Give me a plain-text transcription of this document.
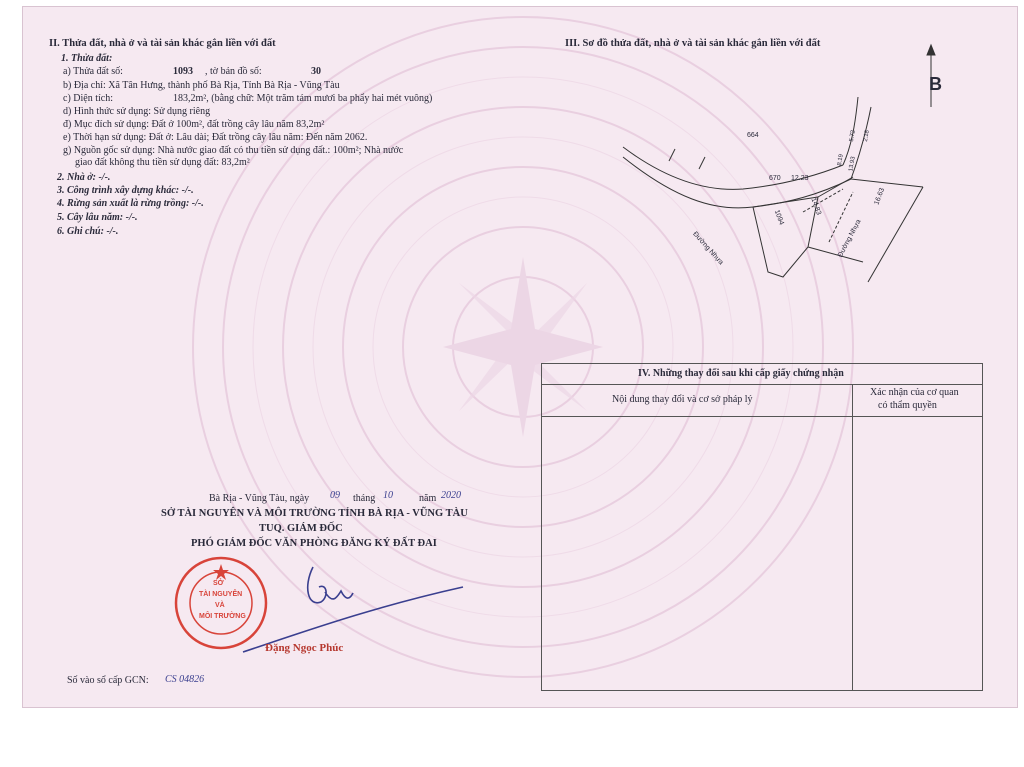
II. Thửa đất, nhà ở và tài sản khác gắn liền với đất
1. Thửa đất:
a) Thửa đất số:	1093 , tờ bản đồ số:	30
b) Địa chỉ: Xã Tân Hưng, thành phố Bà Rịa, Tỉnh Bà Rịa - Vũng Tàu
c) Diện tích:	183,2m², (bằng chữ: Một trăm tám mươi ba phẩy hai mét vuông)
d) Hình thức sử dụng: Sử dụng riêng
đ) Mục đích sử dụng: Đất ở 100m², đất trồng cây lâu năm 83,2m²
e) Thời hạn sử dụng: Đất ở: Lâu dài; Đất trồng cây lâu năm: Đến năm 2062.
g) Nguồn gốc sử dụng: Nhà nước giao đất có thu tiền sử dụng đất.: 100m²; Nhà nước
giao đất không thu tiền sử dụng đất: 83,2m²
2. Nhà ở: -/-.
3. Công trình xây dựng khác: -/-.
4. Rừng sản xuất là rừng trồng: -/-.
5. Cây lâu năm: -/-.
6. Ghi chú: -/-.
III. Sơ đồ thửa đất, nhà ở và tài sản khác gắn liền với đất
B
664
670 12.23
1094
14.83
16.63
Đường Nhựa	Đường Nhựa
5.72
8.19
2.18
13.93
IV. Những thay đổi sau khi cấp giấy chứng nhận
Nội dung thay đổi và cơ sở pháp lý
Xác nhận của cơ quan
có thẩm quyền
Bà Rịa - Vũng Tàu, ngày 09 tháng 10	năm 2020
SỞ TÀI NGUYÊN VÀ MÔI TRƯỜNG TỈNH BÀ RỊA - VŨNG TÀU
TUQ. GIÁM ĐỐC
PHÓ GIÁM ĐỐC VĂN PHÒNG ĐĂNG KÝ ĐẤT ĐAI
SỞ
TÀI NGUYÊN
VÀ
MÔI TRƯỜNG
Đặng Ngọc Phúc
Số vào sổ cấp GCN: CS 04826
